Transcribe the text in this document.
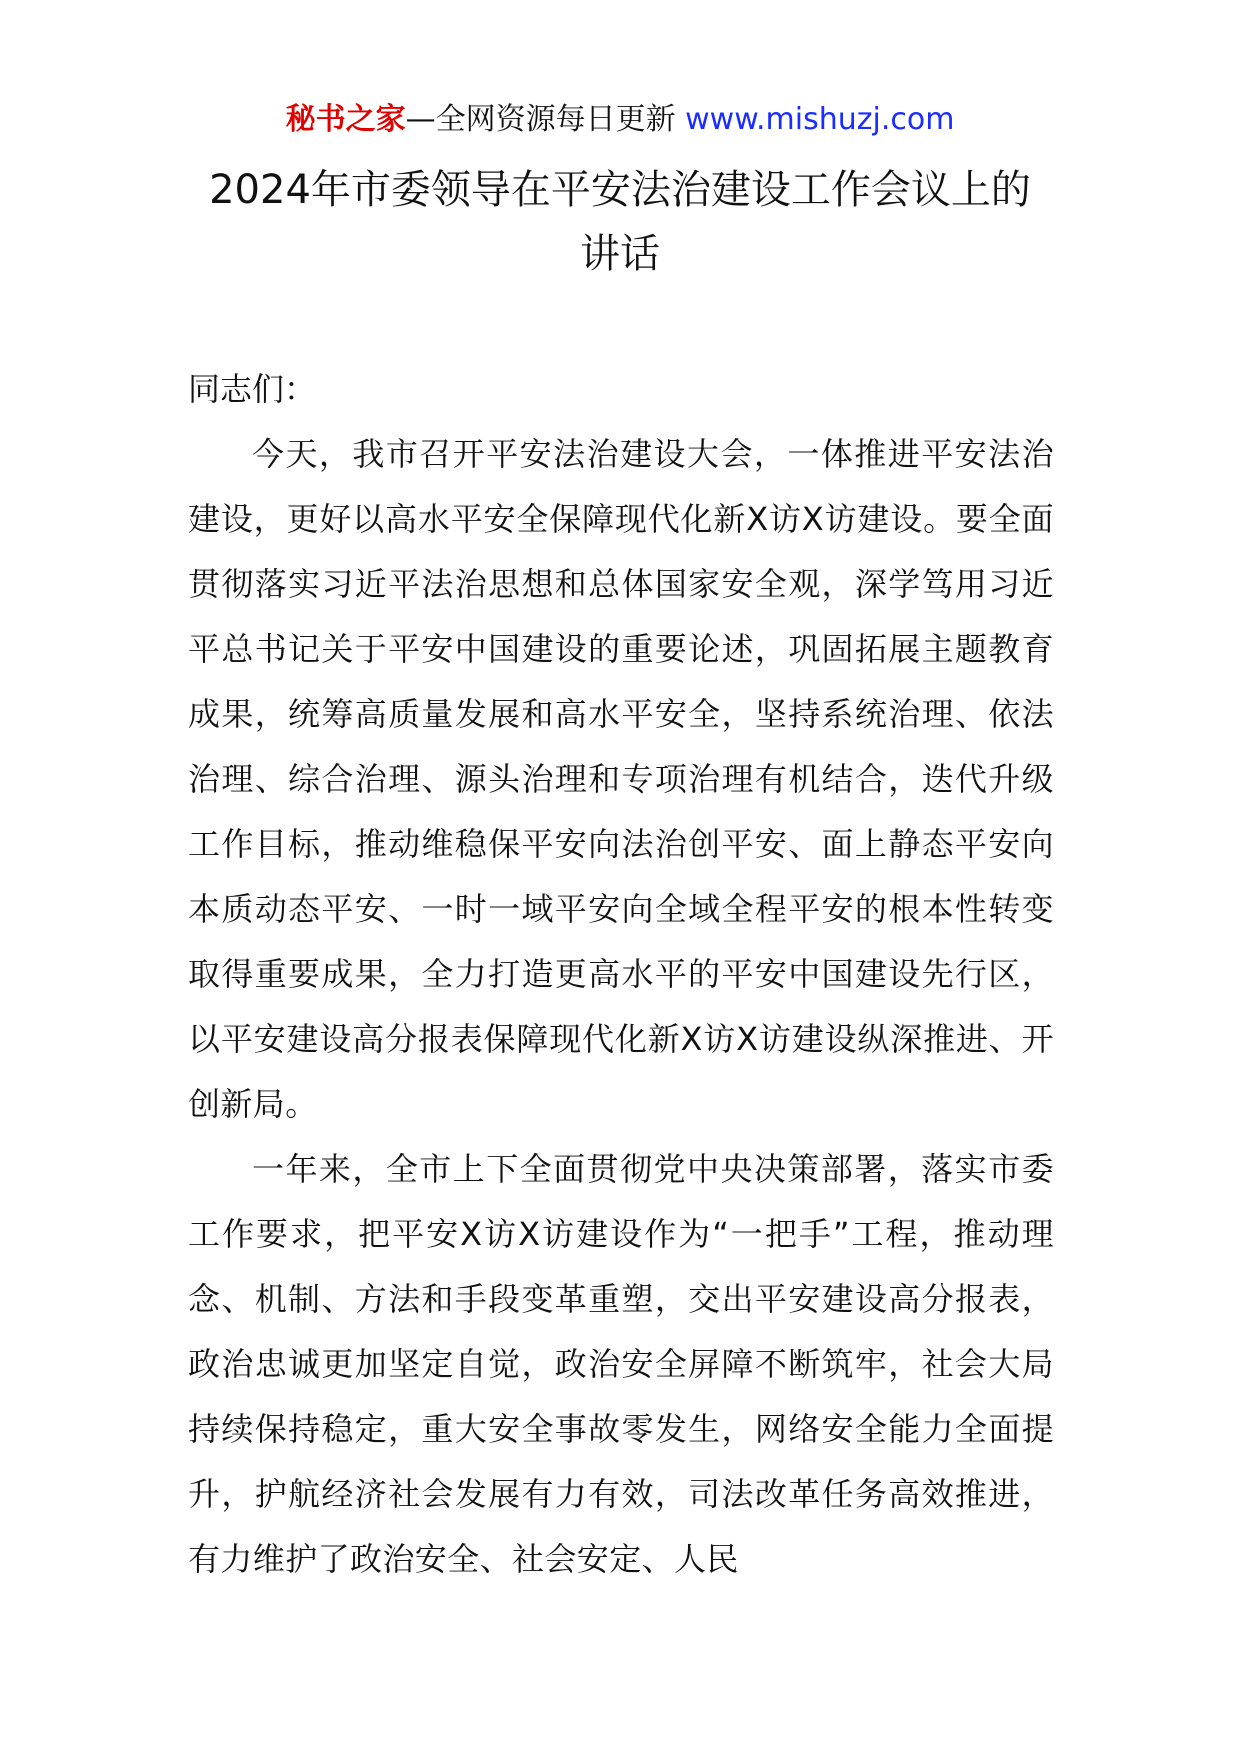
秘书之家—全网资源每日更新 www.mishuzj.com
2024年市委领导在平安法治建设工作会议上的
讲话

同志们：

今天，我市召开平安法治建设大会，一体推进平安法治建设，更好以高水平安全保障现代化新X访X访建设。要全面贯彻落实习近平法治思想和总体国家安全观，深学笃用习近平总书记关于平安中国建设的重要论述，巩固拓展主题教育成果，统筹高质量发展和高水平安全，坚持系统治理、依法治理、综合治理、源头治理和专项治理有机结合，迭代升级工作目标，推动维稳保平安向法治创平安、面上静态平安向本质动态平安、一时一域平安向全域全程平安的根本性转变取得重要成果，全力打造更高水平的平安中国建设先行区，以平安建设高分报表保障现代化新X访X访建设纵深推进、开创新局。

一年来，全市上下全面贯彻党中央决策部署，落实市委工作要求，把平安X访X访建设作为“一把手”工程，推动理念、机制、方法和手段变革重塑，交出平安建设高分报表，政治忠诚更加坚定自觉，政治安全屏障不断筑牢，社会大局持续保持稳定，重大安全事故零发生，网络安全能力全面提升，护航经济社会发展有力有效，司法改革任务高效推进，有力维护了政治安全、社会安定、人民
